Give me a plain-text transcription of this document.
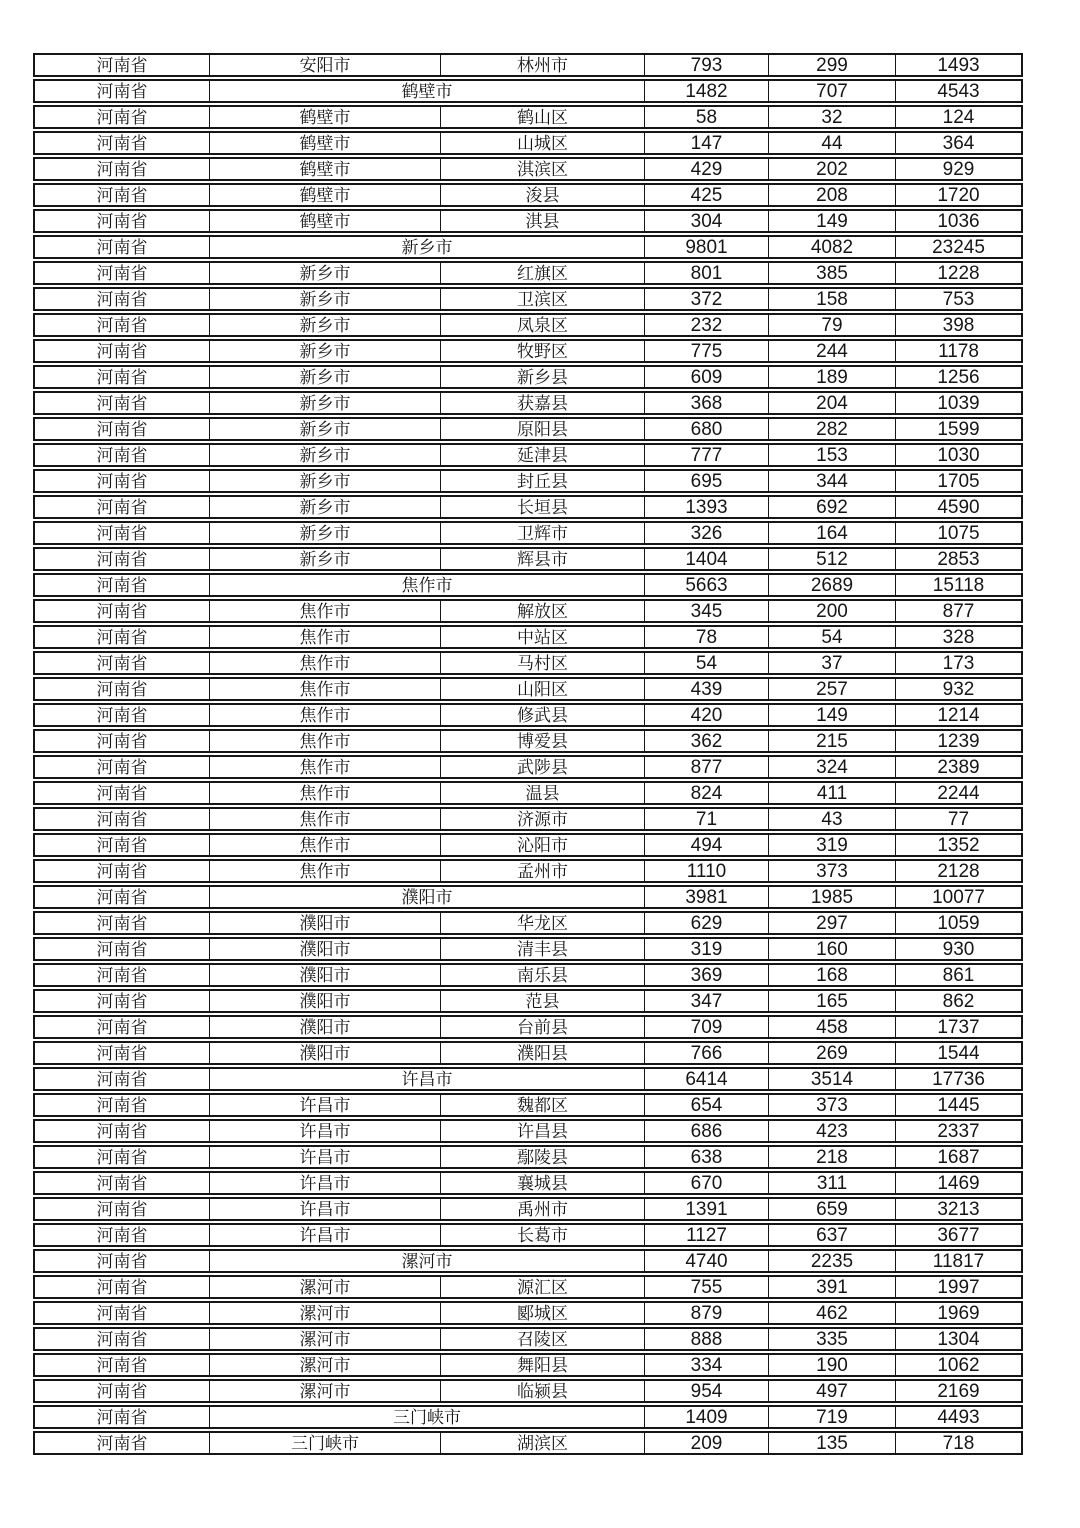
河南省	安阳市	林州市	793	299	1493
河南省	鹤壁市	1482	707	4543
河南省	鹤壁市	鹤山区	58	32	124
河南省	鹤壁市	山城区	147	44	364
河南省	鹤壁市	淇滨区	429	202	929
河南省	鹤壁市	浚县	425	208	1720
河南省	鹤壁市	淇县	304	149	1036
河南省	新乡市	9801	4082	23245
河南省	新乡市	红旗区	801	385	1228
河南省	新乡市	卫滨区	372	158	753
河南省	新乡市	凤泉区	232	79	398
河南省	新乡市	牧野区	775	244	1178
河南省	新乡市	新乡县	609	189	1256
河南省	新乡市	获嘉县	368	204	1039
河南省	新乡市	原阳县	680	282	1599
河南省	新乡市	延津县	777	153	1030
河南省	新乡市	封丘县	695	344	1705
河南省	新乡市	长垣县	1393	692	4590
河南省	新乡市	卫辉市	326	164	1075
河南省	新乡市	辉县市	1404	512	2853
河南省	焦作市	5663	2689	15118
河南省	焦作市	解放区	345	200	877
河南省	焦作市	中站区	78	54	328
河南省	焦作市	马村区	54	37	173
河南省	焦作市	山阳区	439	257	932
河南省	焦作市	修武县	420	149	1214
河南省	焦作市	博爱县	362	215	1239
河南省	焦作市	武陟县	877	324	2389
河南省	焦作市	温县	824	411	2244
河南省	焦作市	济源市	71	43	77
河南省	焦作市	沁阳市	494	319	1352
河南省	焦作市	孟州市	1110	373	2128
河南省	濮阳市	3981	1985	10077
河南省	濮阳市	华龙区	629	297	1059
河南省	濮阳市	清丰县	319	160	930
河南省	濮阳市	南乐县	369	168	861
河南省	濮阳市	范县	347	165	862
河南省	濮阳市	台前县	709	458	1737
河南省	濮阳市	濮阳县	766	269	1544
河南省	许昌市	6414	3514	17736
河南省	许昌市	魏都区	654	373	1445
河南省	许昌市	许昌县	686	423	2337
河南省	许昌市	鄢陵县	638	218	1687
河南省	许昌市	襄城县	670	311	1469
河南省	许昌市	禹州市	1391	659	3213
河南省	许昌市	长葛市	1127	637	3677
河南省	漯河市	4740	2235	11817
河南省	漯河市	源汇区	755	391	1997
河南省	漯河市	郾城区	879	462	1969
河南省	漯河市	召陵区	888	335	1304
河南省	漯河市	舞阳县	334	190	1062
河南省	漯河市	临颍县	954	497	2169
河南省	三门峡市	1409	719	4493
河南省	三门峡市	湖滨区	209	135	718
